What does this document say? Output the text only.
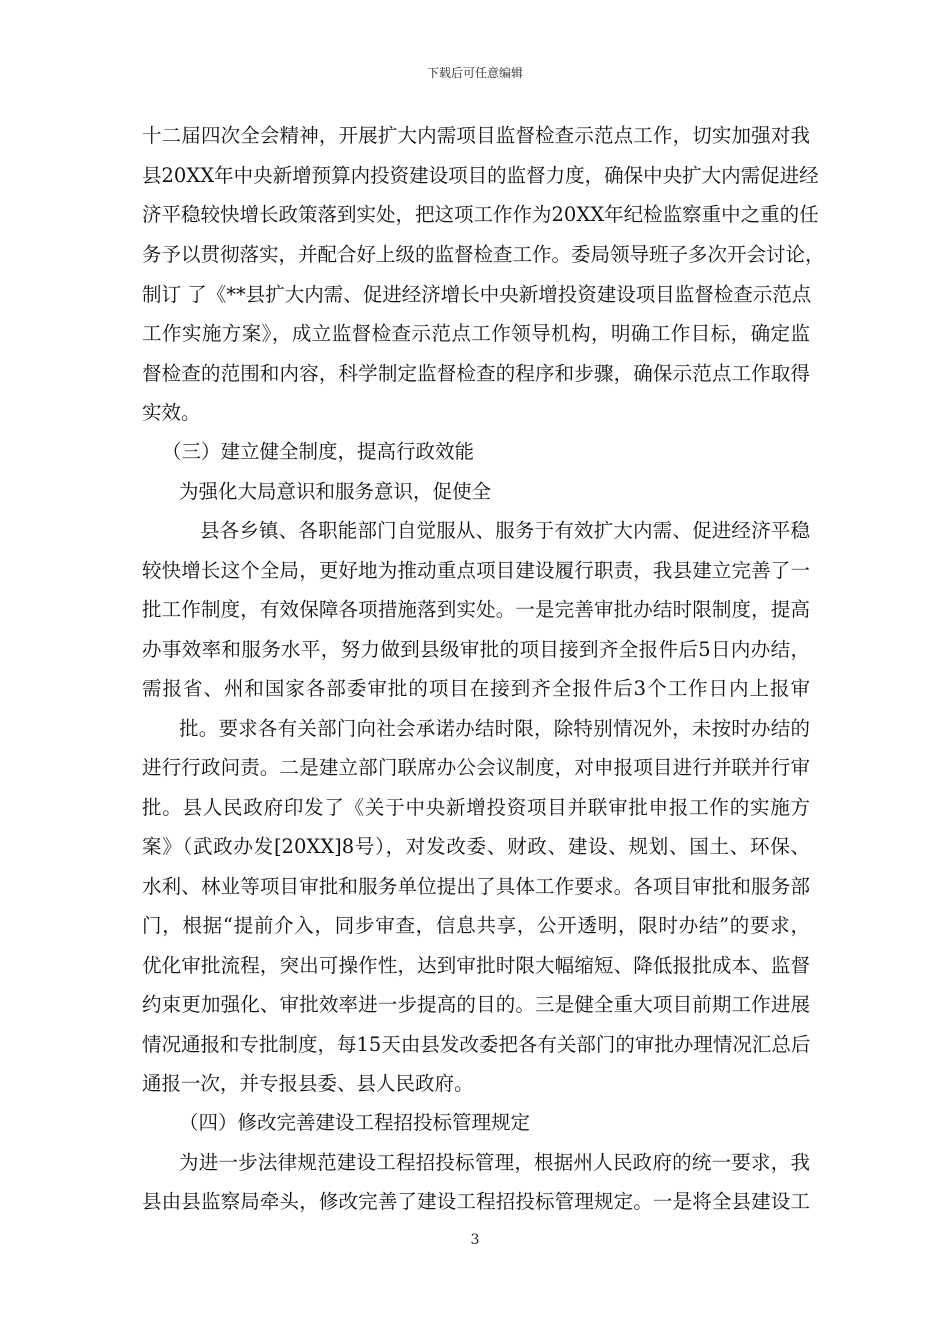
下载后可任意编辑
十二届四次全会精神，开展扩大内需项目监督检查示范点工作，切实加强对我
县20XX年中央新增预算内投资建设项目的监督力度，确保中央扩大内需促进经
济平稳较快增长政策落到实处，把这项工作作为20XX年纪检监察重中之重的任
务予以贯彻落实，并配合好上级的监督检查工作。委局领导班子多次开会讨论，
制订 了《**县扩大内需、促进经济增长中央新增投资建设项目监督检查示范点
工作实施方案》，成立监督检查示范点工作领导机构，明确工作目标，确定监
督检查的范围和内容，科学制定监督检查的程序和步骤，确保示范点工作取得
实效。
（三）建立健全制度，提高行政效能
为强化大局意识和服务意识，促使全
县各乡镇、各职能部门自觉服从、服务于有效扩大内需、促进经济平稳
较快增长这个全局，更好地为推动重点项目建设履行职责，我县建立完善了一
批工作制度，有效保障各项措施落到实处。一是完善审批办结时限制度，提高
办事效率和服务水平，努力做到县级审批的项目接到齐全报件后5日内办结，
需报省、州和国家各部委审批的项目在接到齐全报件后3个工作日内上报审
批。要求各有关部门向社会承诺办结时限，除特别情况外，未按时办结的
进行行政问责。二是建立部门联席办公会议制度，对申报项目进行并联并行审
批。县人民政府印发了《关于中央新增投资项目并联审批申报工作的实施方
案》（武政办发[20XX]8号），对发改委、财政、建设、规划、国土、环保、
水利、林业等项目审批和服务单位提出了具体工作要求。各项目审批和服务部
门，根据“提前介入，同步审查，信息共享，公开透明，限时办结”的要求，
优化审批流程，突出可操作性，达到审批时限大幅缩短、降低报批成本、监督
约束更加强化、审批效率进一步提高的目的。三是健全重大项目前期工作进展
情况通报和专批制度，每15天由县发改委把各有关部门的审批办理情况汇总后
通报一次，并专报县委、县人民政府。
（四）修改完善建设工程招投标管理规定
为进一步法律规范建设工程招投标管理，根据州人民政府的统一要求，我
县由县监察局牵头，修改完善了建设工程招投标管理规定。一是将全县建设工
3
